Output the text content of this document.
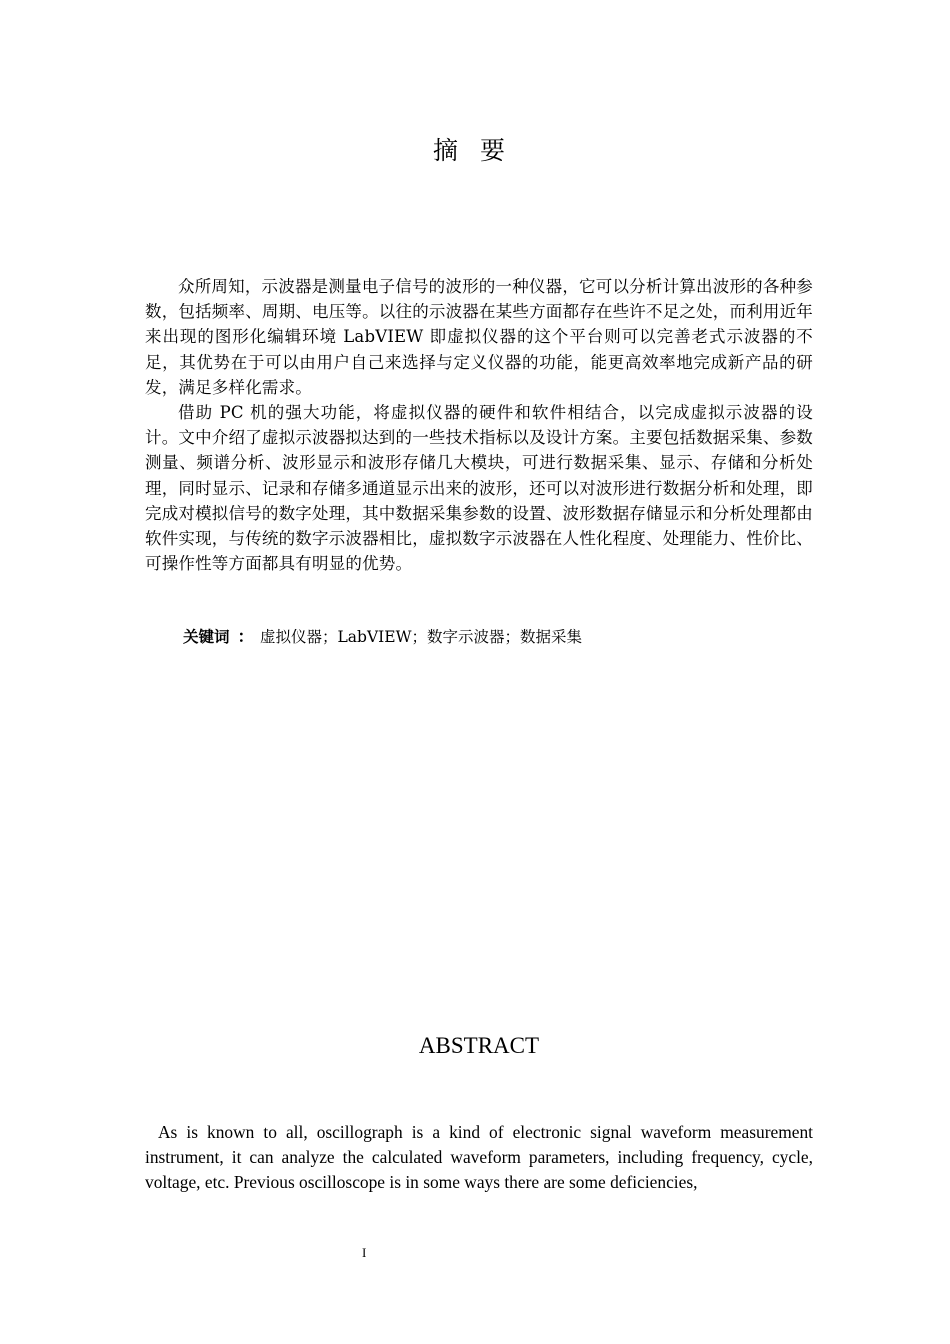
摘要

众所周知，示波器是测量电子信号的波形的一种仪器，它可以分析计算出波形的各种参数，包括频率、周期、电压等。以往的示波器在某些方面都存在些许不足之处，而利用近年来出现的图形化编辑环境 LabVIEW 即虚拟仪器的这个平台则可以完善老式示波器的不足，其优势在于可以由用户自己来选择与定义仪器的功能，能更高效率地完成新产品的研发，满足多样化需求。

借助 PC 机的强大功能，将虚拟仪器的硬件和软件相结合，以完成虚拟示波器的设计。文中介绍了虚拟示波器拟达到的一些技术指标以及设计方案。主要包括数据采集、参数测量、频谱分析、波形显示和波形存储几大模块，可进行数据采集、显示、存储和分析处理，同时显示、记录和存储多通道显示出来的波形，还可以对波形进行数据分析和处理，即完成对模拟信号的数字处理，其中数据采集参数的设置、波形数据存储显示和分析处理都由软件实现，与传统的数字示波器相比，虚拟数字示波器在人性化程度、处理能力、性价比、可操作性等方面都具有明显的优势。

关键词 ： 虚拟仪器；LabVIEW；数字示波器；数据采集
ABSTRACT

As is known to all, oscillograph is a kind of electronic signal waveform measurement instrument, it can analyze the calculated waveform parameters, including frequency, cycle, voltage, etc. Previous oscilloscope is in some ways there are some deficiencies,

I
